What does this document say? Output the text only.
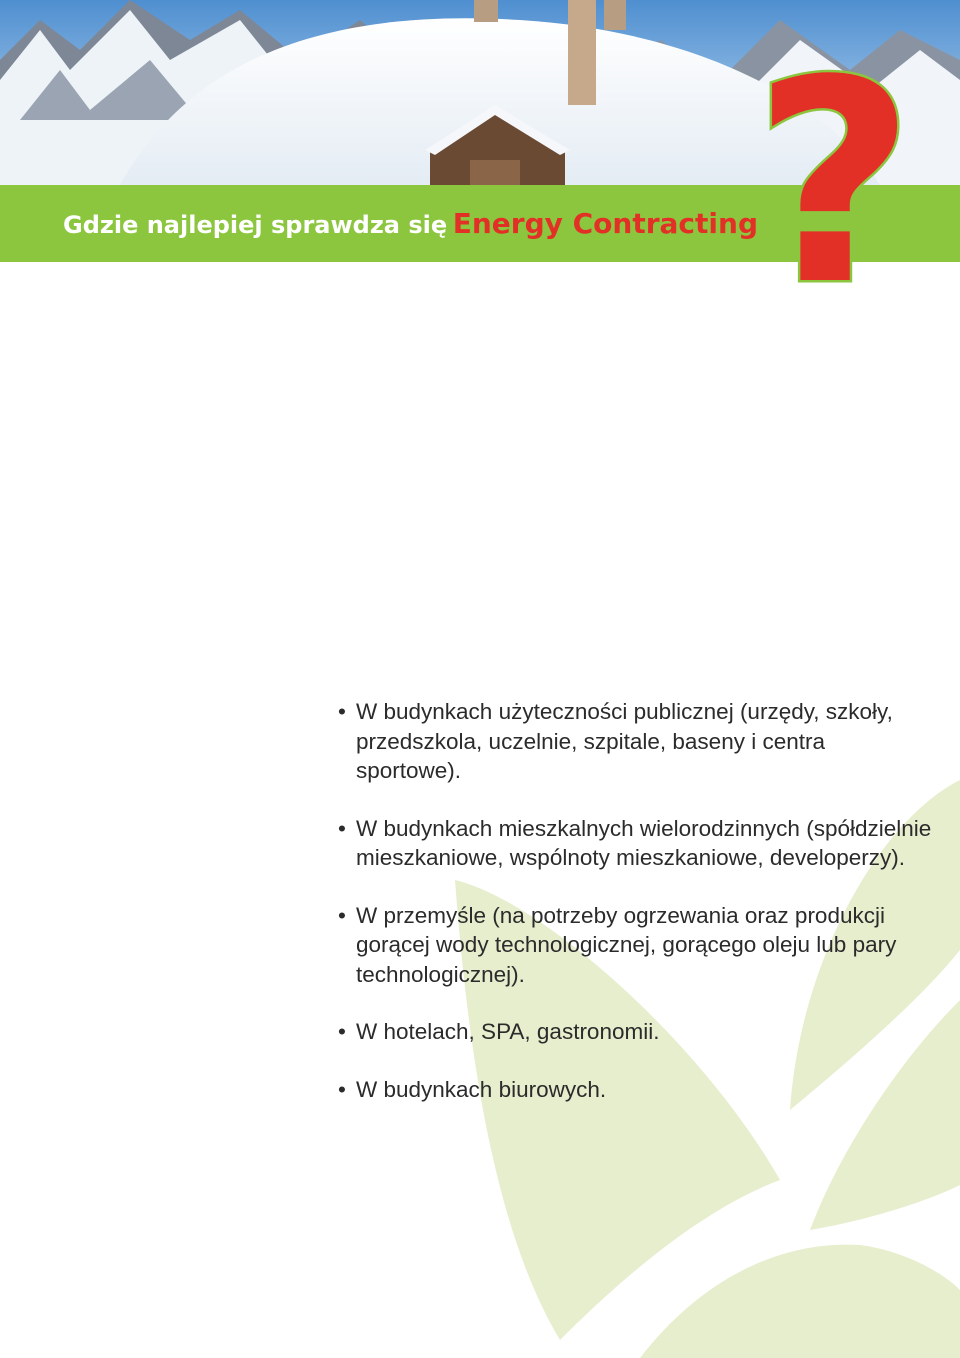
Gdzie najlepiej sprawdza się Energy Contracting
?
• W budynkach użyteczności publicznej (urzędy, szkoły, przedszkola, uczelnie, szpitale, baseny i centra sportowe).
• W budynkach mieszkalnych wielorodzinnych (spółdzielnie mieszkaniowe, wspólnoty mieszkaniowe, developerzy).
• W przemyśle (na potrzeby ogrzewania oraz produkcji gorącej wody technologicznej, gorącego oleju lub pary technologicznej).
• W hotelach, SPA, gastronomii.
• W budynkach biurowych.
